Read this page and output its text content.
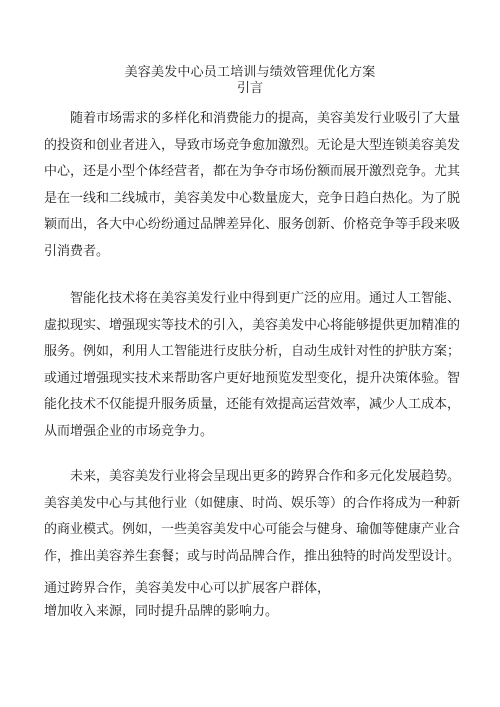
美容美发中心员工培训与绩效管理优化方案
引言

随着市场需求的多样化和消费能力的提高，美容美发行业吸引了大量的投资和创业者进入，导致市场竞争愈加激烈。无论是大型连锁美容美发中心，还是小型个体经营者，都在为争夺市场份额而展开激烈竞争。尤其是在一线和二线城市，美容美发中心数量庞大，竞争日趋白热化。为了脱颖而出，各大中心纷纷通过品牌差异化、服务创新、价格竞争等手段来吸引消费者。

智能化技术将在美容美发行业中得到更广泛的应用。通过人工智能、虚拟现实、增强现实等技术的引入，美容美发中心将能够提供更加精准的服务。例如，利用人工智能进行皮肤分析，自动生成针对性的护肤方案；或通过增强现实技术来帮助客户更好地预览发型变化，提升决策体验。智能化技术不仅能提升服务质量，还能有效提高运营效率，减少人工成本，从而增强企业的市场竞争力。

未来，美容美发行业将会呈现出更多的跨界合作和多元化发展趋势。美容美发中心与其他行业（如健康、时尚、娱乐等）的合作将成为一种新的商业模式。例如，一些美容美发中心可能会与健身、瑜伽等健康产业合作，推出美容养生套餐；或与时尚品牌合作，推出独特的时尚发型设计。

通过跨界合作，美容美发中心可以扩展客户群体，

增加收入来源，同时提升品牌的影响力。
